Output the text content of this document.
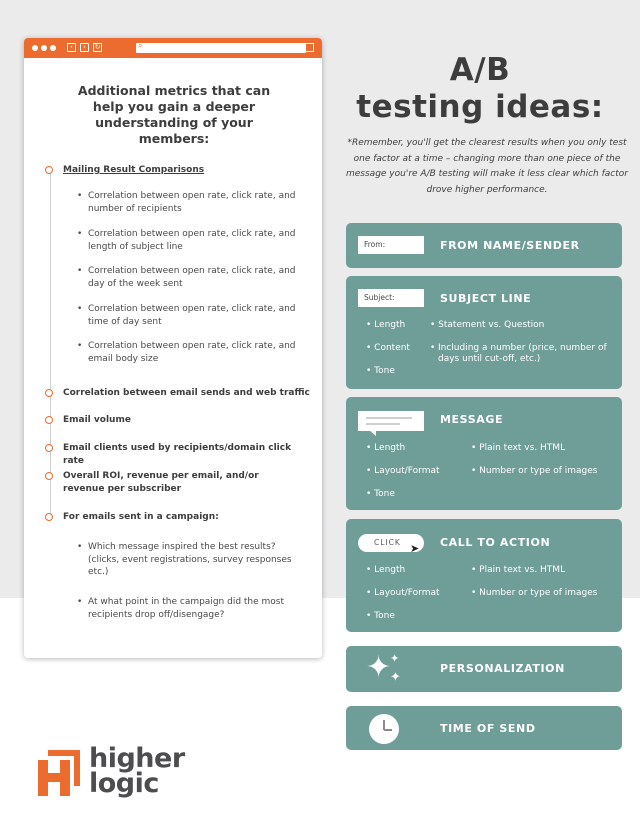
‹ › ↻	⌕
Additional metrics that can help you gain a deeper understanding of your members:
Mailing Result Comparisons
• Correlation between open rate, click rate, and number of recipients
• Correlation between open rate, click rate, and length of subject line
• Correlation between open rate, click rate, and day of the week sent
• Correlation between open rate, click rate, and time of day sent
• Correlation between open rate, click rate, and email body size
Correlation between email sends and web traffic
Email volume
Email clients used by recipients/domain click rate
Overall ROI, revenue per email, and/or revenue per subscriber
For emails sent in a campaign:
• Which message inspired the best results? (clicks, event registrations, survey responses etc.)
• At what point in the campaign did the most recipients drop off/disengage?
A/B
testing ideas:
*Remember, you'll get the clearest results when you only test one factor at a time – changing more than one piece of the message you're A/B testing will make it less clear which factor drove higher performance.
From:	FROM NAME/SENDER
Subject:	SUBJECT LINE
• Length
• Content
• Tone
• Statement vs. Question
• Including a number (price, number of days until cut-off, etc.)
MESSAGE
• Length
• Layout/Format
• Tone
• Plain text vs. HTML
• Number or type of images
CLICK ➤ CALL TO ACTION
• Length
• Layout/Format
• Tone
• Plain text vs. HTML
• Number or type of images
✦
✦
✦
PERSONALIZATION
TIME OF SEND
higher
logic
